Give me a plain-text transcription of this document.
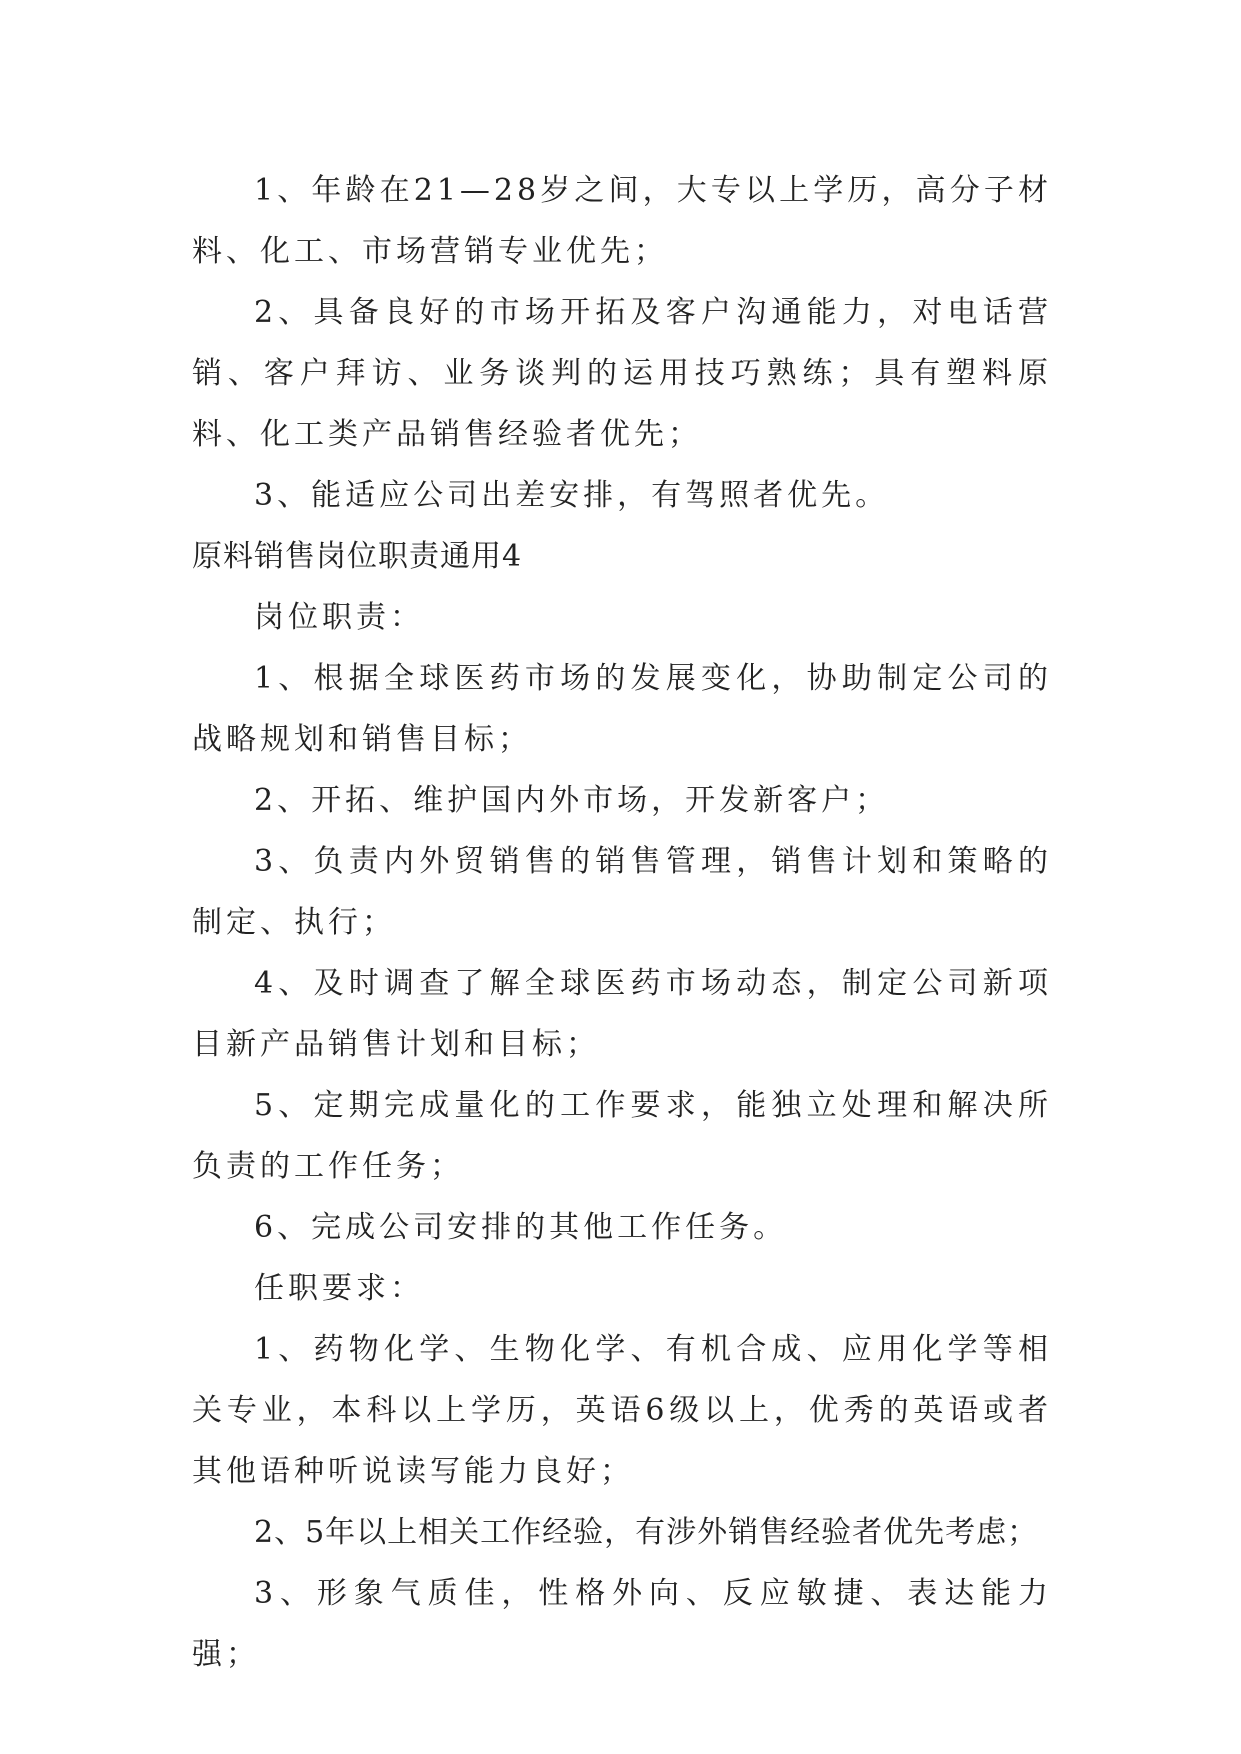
1、年龄在21—28岁之间，大专以上学历，高分子材料、化工、市场营销专业优先；

2、具备良好的市场开拓及客户沟通能力，对电话营销、客户拜访、业务谈判的运用技巧熟练；具有塑料原料、化工类产品销售经验者优先；

3、能适应公司出差安排，有驾照者优先。

原料销售岗位职责通用4

岗位职责：

1、根据全球医药市场的发展变化，协助制定公司的战略规划和销售目标；

2、开拓、维护国内外市场，开发新客户；

3、负责内外贸销售的销售管理，销售计划和策略的制定、执行；

4、及时调查了解全球医药市场动态，制定公司新项目新产品销售计划和目标；

5、定期完成量化的工作要求，能独立处理和解决所负责的工作任务；

6、完成公司安排的其他工作任务。

任职要求：

1、药物化学、生物化学、有机合成、应用化学等相关专业，本科以上学历，英语6级以上，优秀的英语或者其他语种听说读写能力良好；

2、5年以上相关工作经验，有涉外销售经验者优先考虑；

3、形象气质佳，性格外向、反应敏捷、表达能力强；
